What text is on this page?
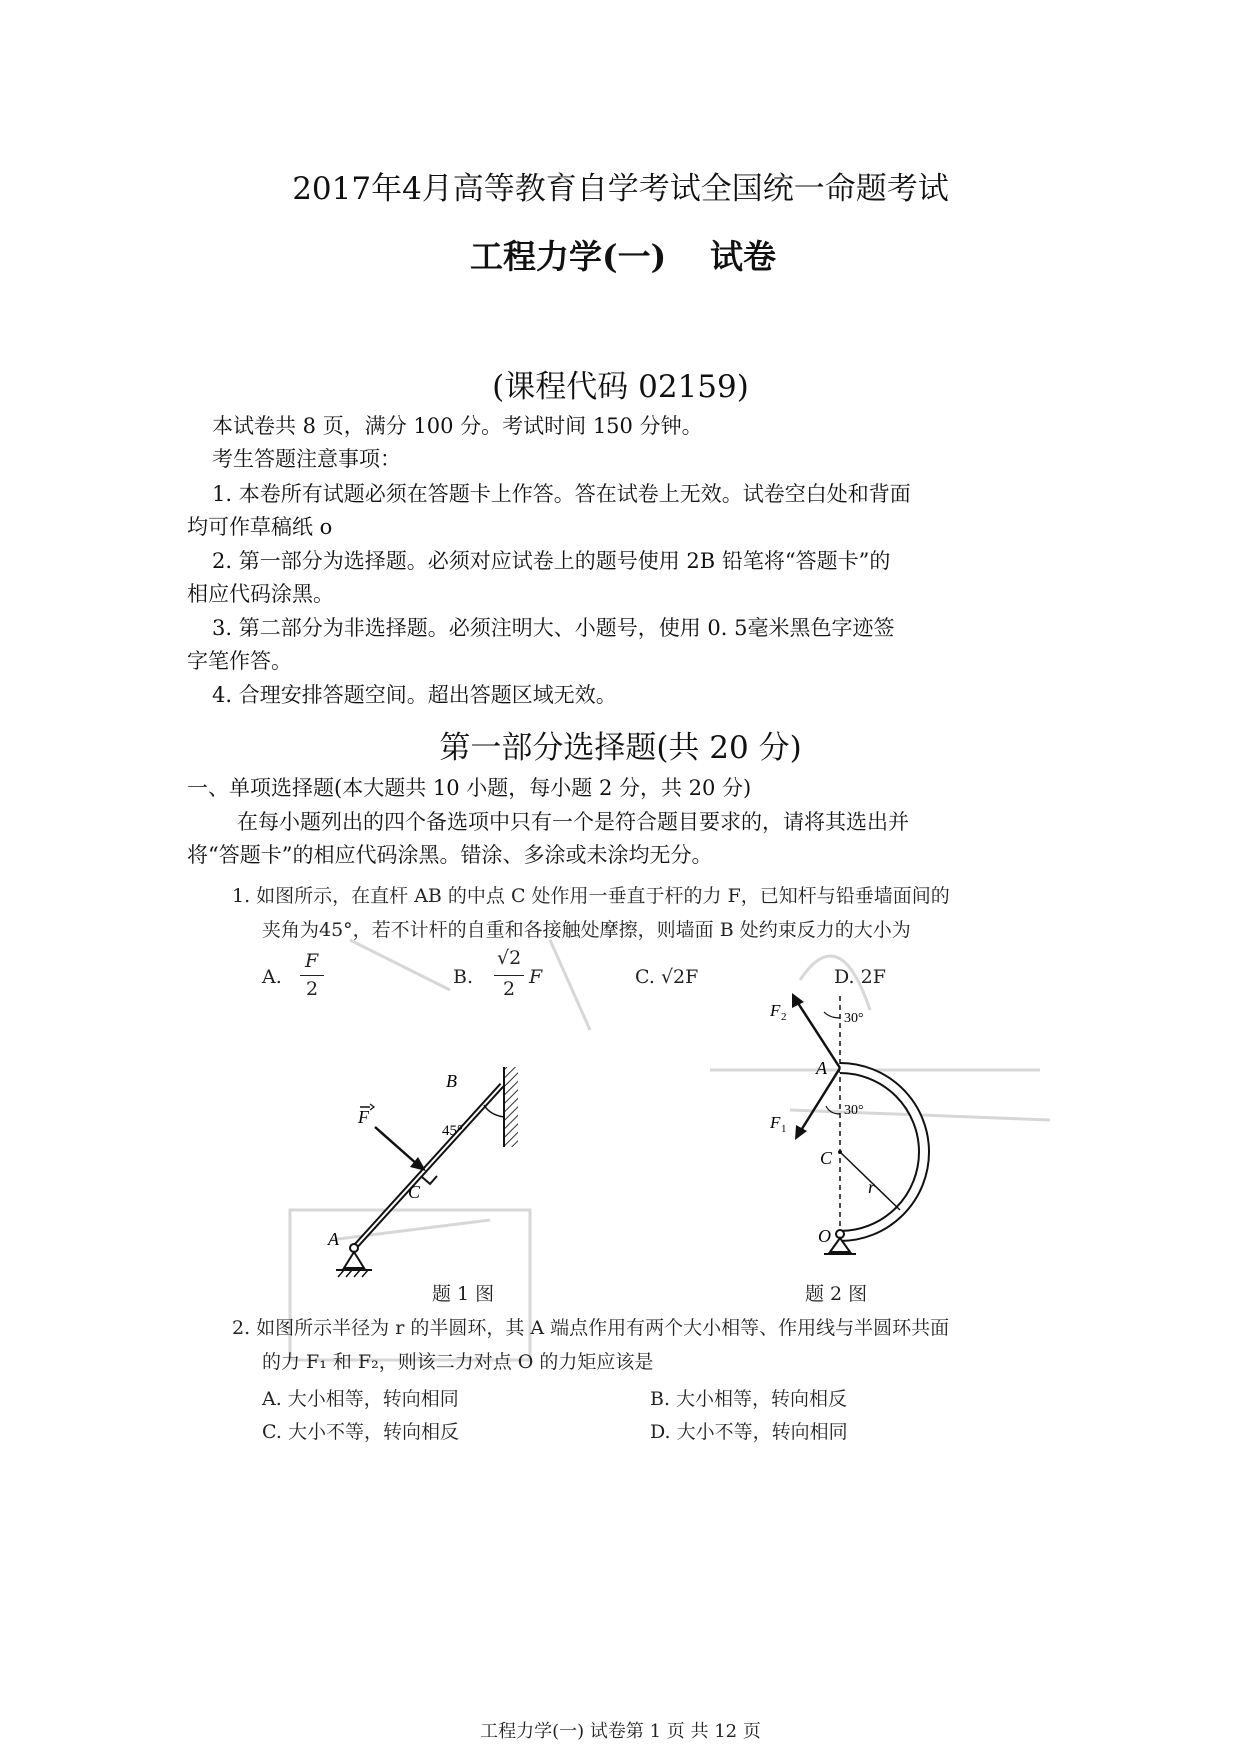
2017年4月高等教育自学考试全国统一命题考试
工程力学(一) 试卷
(课程代码 02159)
本试卷共 8 页，满分 100 分。考试时间 150 分钟。
考生答题注意事项：
1. 本卷所有试题必须在答题卡上作答。答在试卷上无效。试卷空白处和背面
均可作草稿纸 o
2. 第一部分为选择题。必须对应试卷上的题号使用 2B 铅笔将“答题卡”的
相应代码涂黑。
3. 第二部分为非选择题。必须注明大、小题号，使用 0. 5毫米黑色字迹签
字笔作答。
4. 合理安排答题空间。超出答题区域无效。
第一部分选择题(共 20 分)
一、单项选择题(本大题共 10 小题，每小题 2 分，共 20 分)
在每小题列出的四个备选项中只有一个是符合题目要求的，请将其选出并
将“答题卡”的相应代码涂黑。错涂、多涂或未涂均无分。
1. 如图所示，在直杆 AB 的中点 C 处作用一垂直于杆的力 F，已知杆与铅垂墙面间的
夹角为45°，若不计杆的自重和各接触处摩擦，则墙面 B 处约束反力的大小为
A.
F
2
B.
√2
2
F	C. √2F	D. 2F
F
B
C
A
45°
题 1 图
F 2
F 1
30°
30°
A
C
O
r
题 2 图
2. 如图所示半径为 r 的半圆环，其 A 端点作用有两个大小相等、作用线与半圆环共面
的力 F₁ 和 F₂，则该二力对点 O 的力矩应该是
A. 大小相等，转向相同	B. 大小相等，转向相反
C. 大小不等，转向相反	D. 大小不等，转向相同
工程力学(一) 试卷第 1 页 共 12 页
